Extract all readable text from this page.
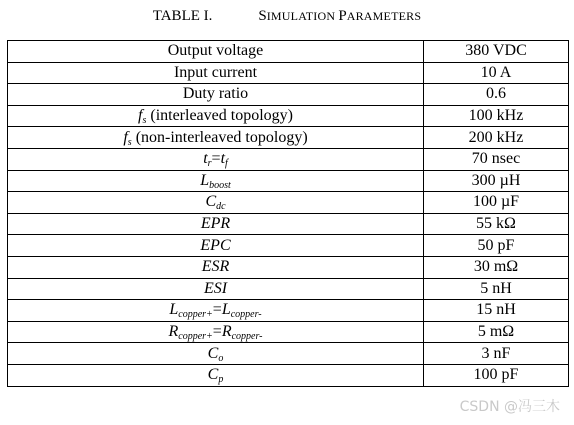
TABLE I.	SIMULATION PARAMETERS
Output voltage	380 VDC
Input current	10 A
Duty ratio	0.6
$f_s$ (interleaved topology)	100 kHz
$f_s$ (non-interleaved topology)	200 kHz
$t_r=t_f$	70 nsec
$L_{boost}$	300 µH
$C_{dc}$	100 µF
EPR	55 kΩ
EPC	50 pF
ESR	30 mΩ
ESI	5 nH
$L_{copper+}=L_{copper-}$	15 nH
$R_{copper+}=R_{copper-}$	5 mΩ
$C_o$	3 nF
$C_p$	100 pF
CSDN @冯三木
